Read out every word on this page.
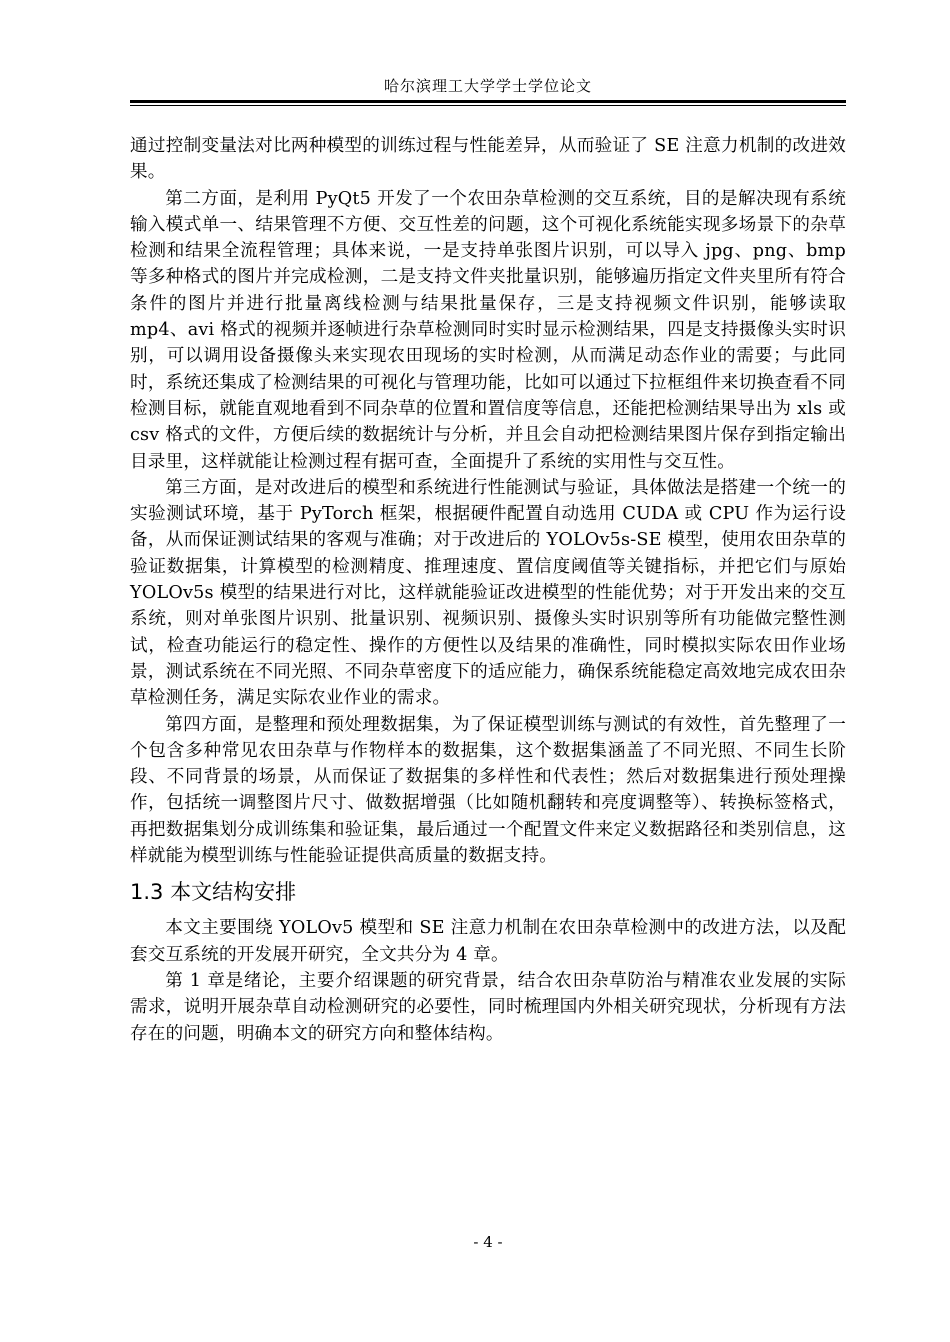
哈尔滨理工大学学士学位论文

通过控制变量法对比两种模型的训练过程与性能差异，从而验证了 SE 注意力机制的改进效果。

第二方面，是利用 PyQt5 开发了一个农田杂草检测的交互系统，目的是解决现有系统输入模式单一、结果管理不方便、交互性差的问题，这个可视化系统能实现多场景下的杂草检测和结果全流程管理；具体来说，一是支持单张图片识别，可以导入 jpg、png、bmp 等多种格式的图片并完成检测，二是支持文件夹批量识别，能够遍历指定文件夹里所有符合条件的图片并进行批量离线检测与结果批量保存，三是支持视频文件识别，能够读取 mp4、avi 格式的视频并逐帧进行杂草检测同时实时显示检测结果，四是支持摄像头实时识别，可以调用设备摄像头来实现农田现场的实时检测，从而满足动态作业的需要；与此同时，系统还集成了检测结果的可视化与管理功能，比如可以通过下拉框组件来切换查看不同检测目标，就能直观地看到不同杂草的位置和置信度等信息，还能把检测结果导出为 xls 或 csv 格式的文件，方便后续的数据统计与分析，并且会自动把检测结果图片保存到指定输出目录里，这样就能让检测过程有据可查，全面提升了系统的实用性与交互性。

第三方面，是对改进后的模型和系统进行性能测试与验证，具体做法是搭建一个统一的实验测试环境，基于 PyTorch 框架，根据硬件配置自动选用 CUDA 或 CPU 作为运行设备，从而保证测试结果的客观与准确；对于改进后的 YOLOv5s-SE 模型，使用农田杂草的验证数据集，计算模型的检测精度、推理速度、置信度阈值等关键指标，并把它们与原始 YOLOv5s 模型的结果进行对比，这样就能验证改进模型的性能优势；对于开发出来的交互系统，则对单张图片识别、批量识别、视频识别、摄像头实时识别等所有功能做完整性测试，检查功能运行的稳定性、操作的方便性以及结果的准确性，同时模拟实际农田作业场景，测试系统在不同光照、不同杂草密度下的适应能力，确保系统能稳定高效地完成农田杂草检测任务，满足实际农业作业的需求。

第四方面，是整理和预处理数据集，为了保证模型训练与测试的有效性，首先整理了一个包含多种常见农田杂草与作物样本的数据集，这个数据集涵盖了不同光照、不同生长阶段、不同背景的场景，从而保证了数据集的多样性和代表性；然后对数据集进行预处理操作，包括统一调整图片尺寸、做数据增强（比如随机翻转和亮度调整等）、转换标签格式，再把数据集划分成训练集和验证集，最后通过一个配置文件来定义数据路径和类别信息，这样就能为模型训练与性能验证提供高质量的数据支持。

1.3 本文结构安排

本文主要围绕 YOLOv5 模型和 SE 注意力机制在农田杂草检测中的改进方法，以及配套交互系统的开发展开研究，全文共分为 4 章。

第 1 章是绪论，主要介绍课题的研究背景，结合农田杂草防治与精准农业发展的实际需求，说明开展杂草自动检测研究的必要性，同时梳理国内外相关研究现状，分析现有方法存在的问题，明确本文的研究方向和整体结构。

- 4 -
